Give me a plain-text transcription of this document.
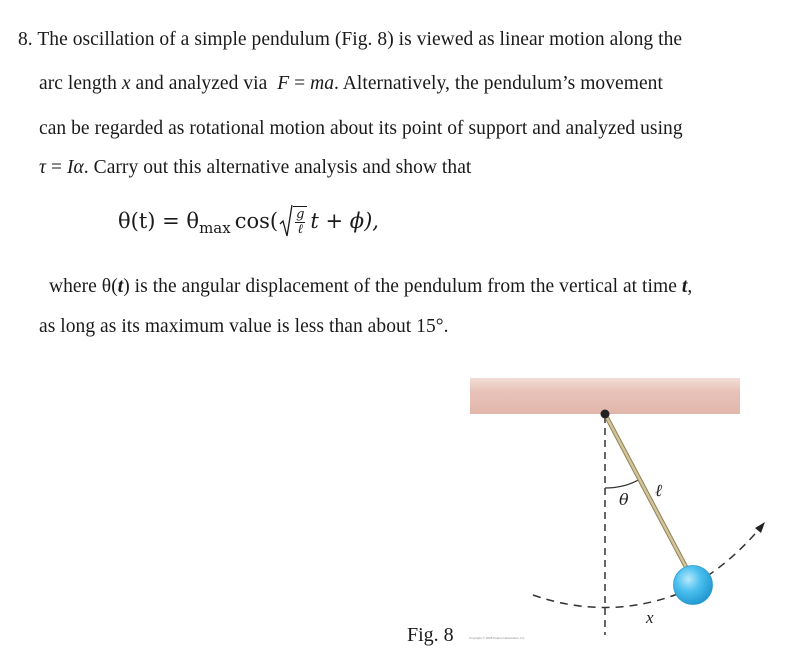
8. The oscillation of a simple pendulum (Fig. 8) is viewed as linear motion along the
arc length x and analyzed via  F = ma. Alternatively, the pendulum’s movement
can be regarded as rotational motion about its point of support and analyzed using
τ = Iα. Carry out this alternative analysis and show that
θ(t) = θ $\max \cos( \frac{g}{\text{ℓ}}$ t + ϕ),
where θ(t) is the angular displacement of the pendulum from the vertical at time t,
as long as its maximum value is less than about 15°.
θ ℓ
x
Fig. 8	Copyright © 2008 Pearson Education, Inc.
